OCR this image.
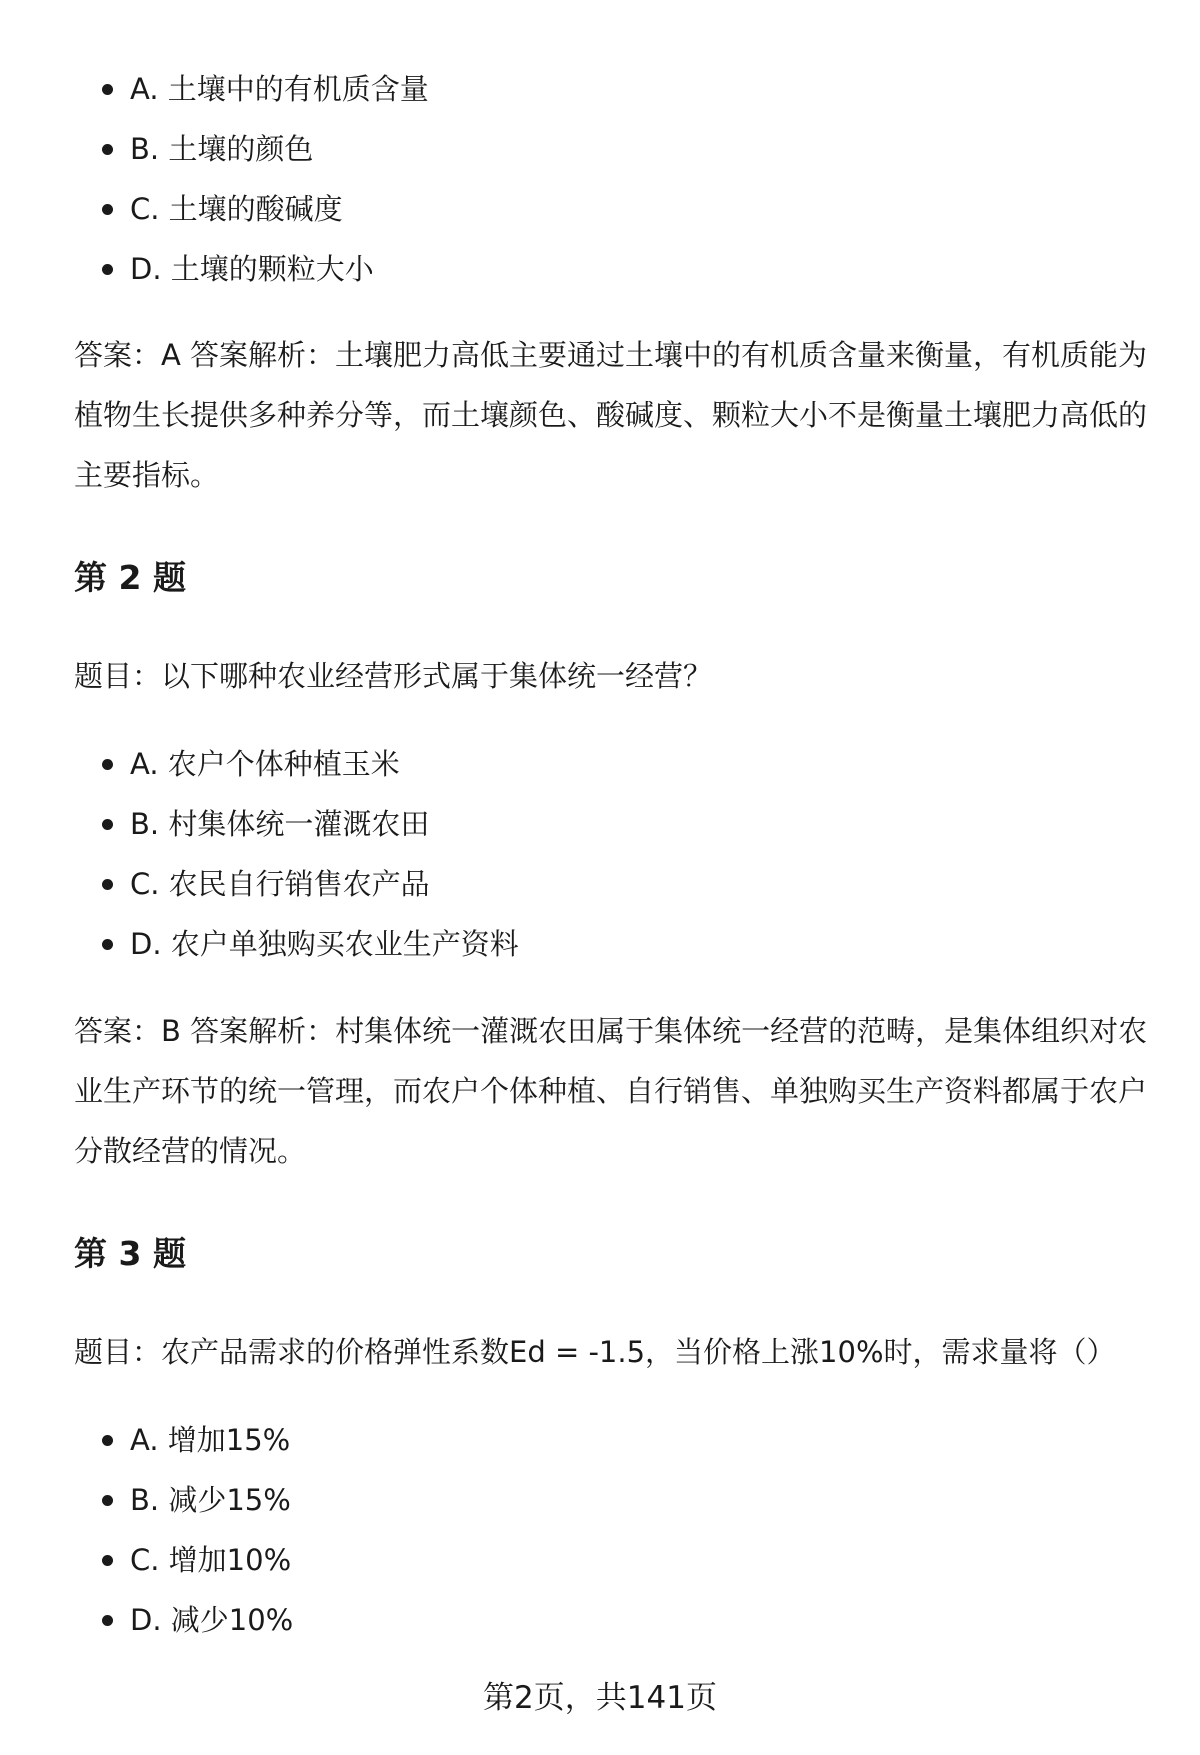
A. 土壤中的有机质含量
B. 土壤的颜色
C. 土壤的酸碱度
D. 土壤的颗粒大小

答案：A 答案解析：土壤肥力高低主要通过土壤中的有机质含量来衡量，有机质能为植物生长提供多种养分等，而土壤颜色、酸碱度、颗粒大小不是衡量土壤肥力高低的主要指标。

第 2 题

题目：以下哪种农业经营形式属于集体统一经营？

A. 农户个体种植玉米
B. 村集体统一灌溉农田
C. 农民自行销售农产品
D. 农户单独购买农业生产资料

答案：B 答案解析：村集体统一灌溉农田属于集体统一经营的范畴，是集体组织对农业生产环节的统一管理，而农户个体种植、自行销售、单独购买生产资料都属于农户分散经营的情况。

第 3 题

题目：农产品需求的价格弹性系数Ed = -1.5，当价格上涨10%时，需求量将（）

A. 增加15%
B. 减少15%
C. 增加10%
D. 减少10%
第2页，共141页
